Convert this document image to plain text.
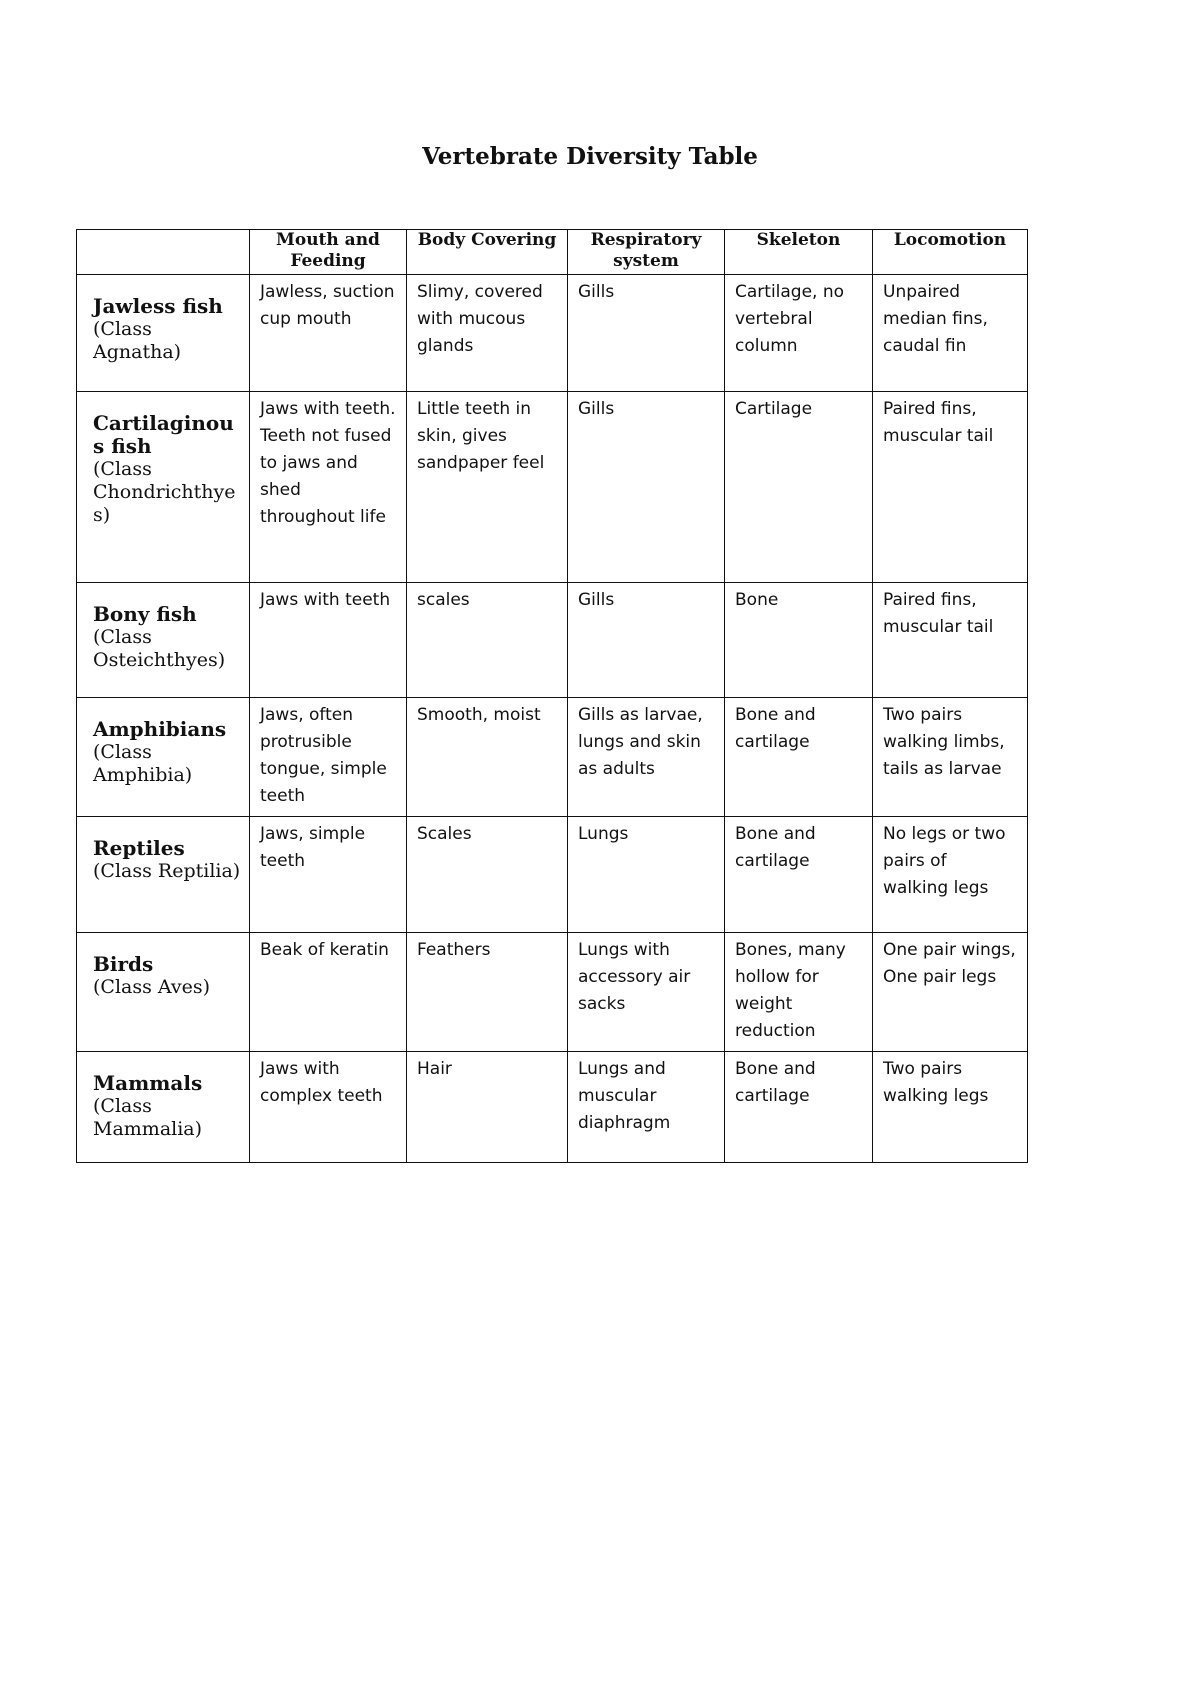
Vertebrate Diversity Table
	Mouth and Feeding	Body Covering	Respiratory system	Skeleton	Locomotion

Jawless fish
(Class Agnatha)	Jawless, suction cup mouth	Slimy, covered with mucous glands	Gills	Cartilage, no vertebral column	Unpaired median fins, caudal fin

Cartilaginous fish
(Class Chondrichthyes)	Jaws with teeth. Teeth not fused to jaws and shed throughout life	Little teeth in skin, gives sandpaper feel	Gills	Cartilage	Paired fins, muscular tail

Bony fish
(Class Osteichthyes)	Jaws with teeth	scales	Gills	Bone	Paired fins, muscular tail

Amphibians
(Class Amphibia)	Jaws, often protrusible tongue, simple teeth	Smooth, moist	Gills as larvae, lungs and skin as adults	Bone and cartilage	Two pairs walking limbs, tails as larvae

Reptiles
(Class Reptilia)	Jaws, simple teeth	Scales	Lungs	Bone and cartilage	No legs or two pairs of walking legs

Birds
(Class Aves)	Beak of keratin	Feathers	Lungs with accessory air sacks	Bones, many hollow for weight reduction	One pair wings, One pair legs

Mammals
(Class Mammalia)	Jaws with complex teeth	Hair	Lungs and muscular diaphragm	Bone and cartilage	Two pairs walking legs
